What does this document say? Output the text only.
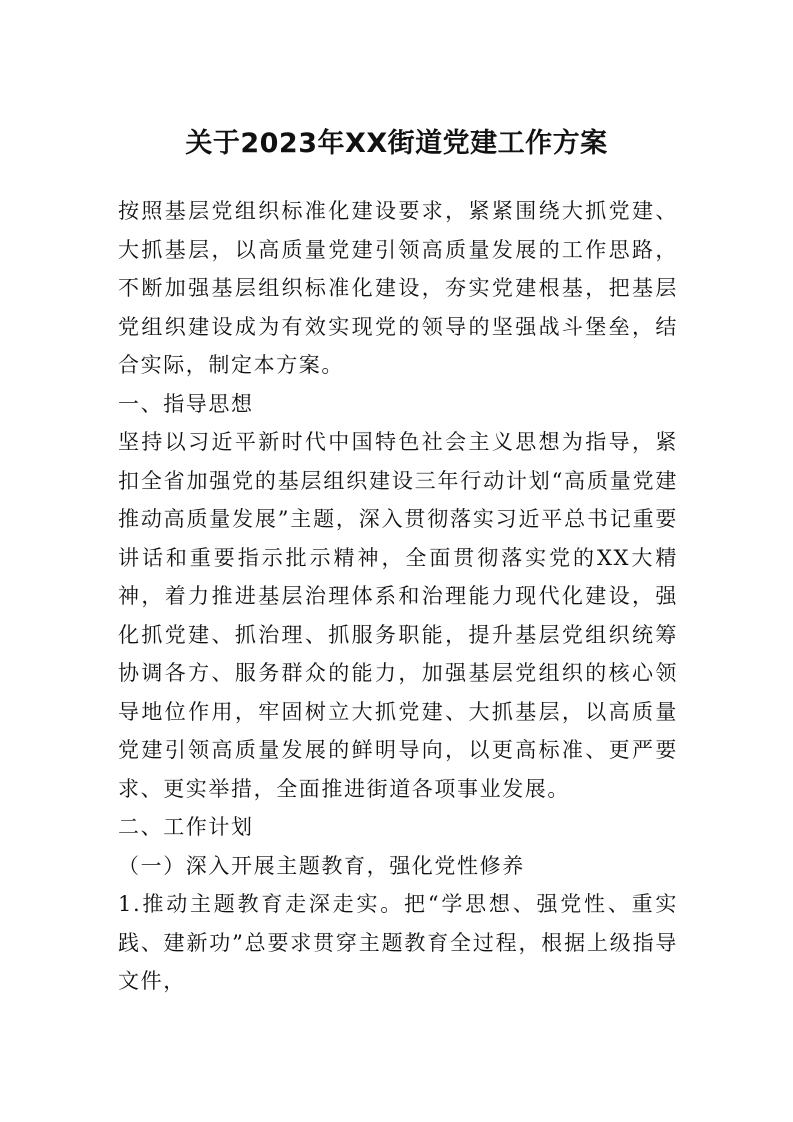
关于2023年XX街道党建工作方案

按照基层党组织标准化建设要求，紧紧围绕大抓党建、大抓基层，以高质量党建引领高质量发展的工作思路，不断加强基层组织标准化建设，夯实党建根基，把基层党组织建设成为有效实现党的领导的坚强战斗堡垒，结合实际，制定本方案。

一、指导思想

坚持以习近平新时代中国特色社会主义思想为指导，紧扣全省加强党的基层组织建设三年行动计划“高质量党建推动高质量发展”主题，深入贯彻落实习近平总书记重要讲话和重要指示批示精神，全面贯彻落实党的XX大精神，着力推进基层治理体系和治理能力现代化建设，强化抓党建、抓治理、抓服务职能，提升基层党组织统筹协调各方、服务群众的能力，加强基层党组织的核心领导地位作用，牢固树立大抓党建、大抓基层，以高质量党建引领高质量发展的鲜明导向，以更高标准、更严要求、更实举措，全面推进街道各项事业发展。

二、工作计划

（一）深入开展主题教育，强化党性修养

1.推动主题教育走深走实。把“学思想、强党性、重实践、建新功”总要求贯穿主题教育全过程，根据上级指导文件，
